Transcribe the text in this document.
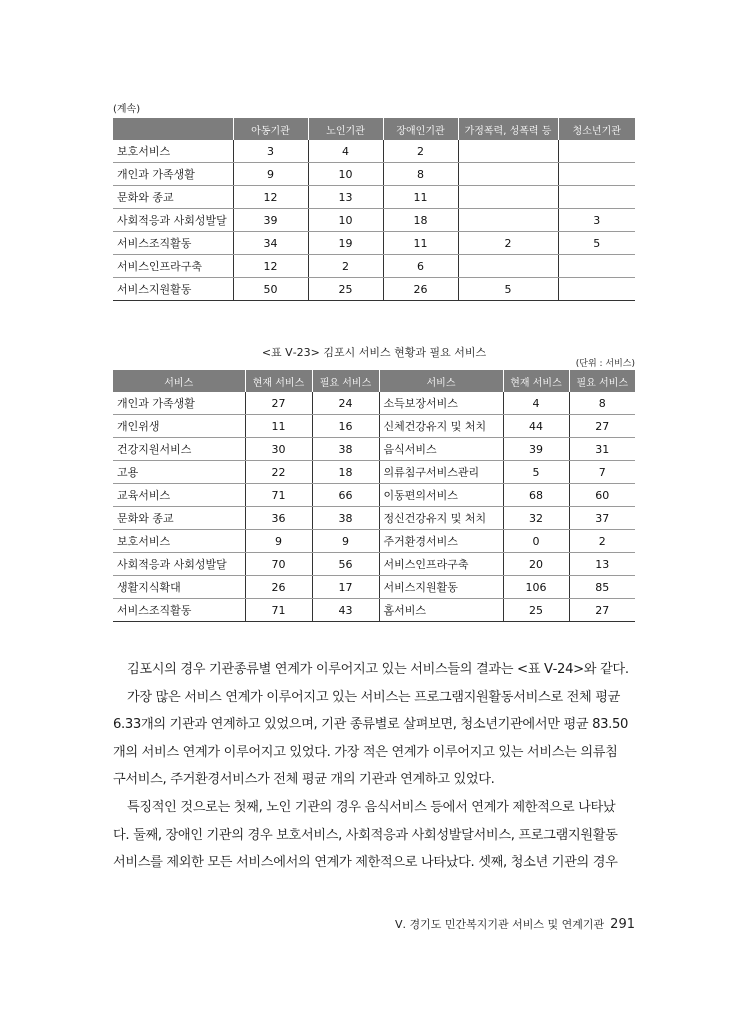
(계속)
	아동기관	노인기관	장애인기관	가정폭력, 성폭력 등	청소년기관
보호서비스	3	4	2		
개인과 가족생활	9	10	8		
문화와 종교	12	13	11		
사회적응과 사회성발달	39	10	18		3
서비스조직활동	34	19	11	2	5
서비스인프라구축	12	2	6		
서비스지원활동	50	25	26	5	
<표 Ⅴ-23> 김포시 서비스 현황과 필요 서비스
(단위 : 서비스)
서비스	현재 서비스	필요 서비스	서비스	현재 서비스	필요 서비스
개인과 가족생활	27	24	소득보장서비스	4	8
개인위생	11	16	신체건강유지 및 처치	44	27
건강지원서비스	30	38	음식서비스	39	31
고용	22	18	의류침구서비스관리	5	7
교육서비스	71	66	이동편의서비스	68	60
문화와 종교	36	38	정신건강유지 및 처치	32	37
보호서비스	9	9	주거환경서비스	0	2
사회적응과 사회성발달	70	56	서비스인프라구축	20	13
생활지식확대	26	17	서비스지원활동	106	85
서비스조직활동	71	43	홈서비스	25	27

김포시의 경우 기관종류별 연계가 이루어지고 있는 서비스들의 결과는 <표 Ⅴ-24>와 같다.

가장 많은 서비스 연계가 이루어지고 있는 서비스는 프로그램지원활동서비스로 전체 평균

6.33개의 기관과 연계하고 있었으며, 기관 종류별로 살펴보면, 청소년기관에서만 평균 83.50

개의 서비스 연계가 이루어지고 있었다. 가장 적은 연계가 이루어지고 있는 서비스는 의류침

구서비스, 주거환경서비스가 전체 평균 개의 기관과 연계하고 있었다.

특징적인 것으로는 첫째, 노인 기관의 경우 음식서비스 등에서 연계가 제한적으로 나타났

다. 둘째, 장애인 기관의 경우 보호서비스, 사회적응과 사회성발달서비스, 프로그램지원활동

서비스를 제외한 모든 서비스에서의 연계가 제한적으로 나타났다. 셋째, 청소년 기관의 경우

Ⅴ. 경기도 민간복지기관 서비스 및 연계기관 291
